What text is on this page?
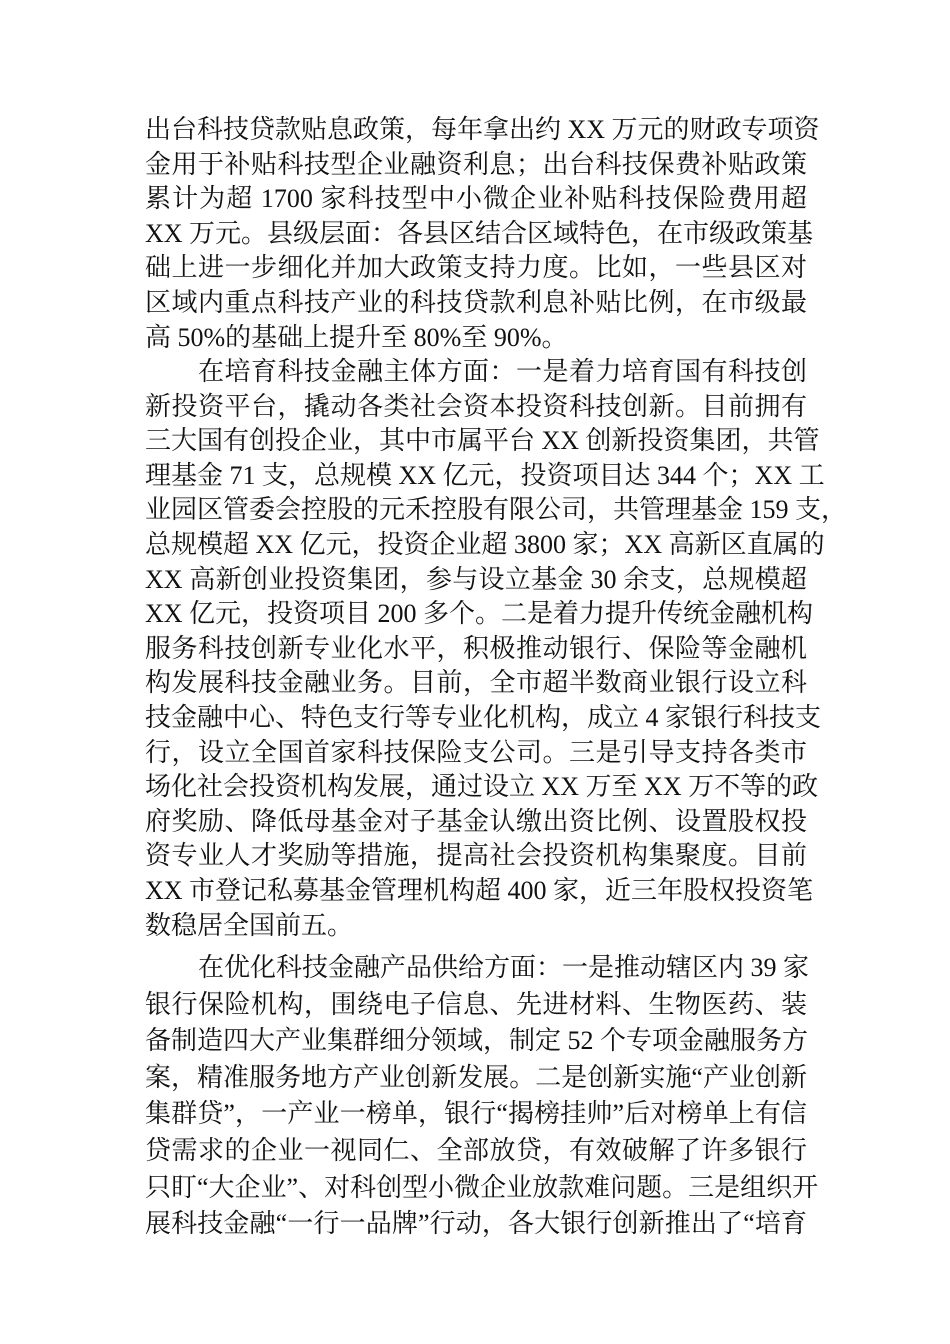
出台科技贷款贴息政策，每年拿出约 XX 万元的财政专项资
金用于补贴科技型企业融资利息；出台科技保费补贴政策
累计为超 1700 家科技型中小微企业补贴科技保险费用超
XX 万元。县级层面：各县区结合区域特色，在市级政策基
础上进一步细化并加大政策支持力度。比如，一些县区对
区域内重点科技产业的科技贷款利息补贴比例，在市级最
高 50%的基础上提升至 80%至 90%。
在培育科技金融主体方面：一是着力培育国有科技创
新投资平台，撬动各类社会资本投资科技创新。目前拥有
三大国有创投企业，其中市属平台 XX 创新投资集团，共管
理基金 71 支，总规模 XX 亿元，投资项目达 344 个；XX 工
业园区管委会控股的元禾控股有限公司，共管理基金 159 支，
总规模超 XX 亿元，投资企业超 3800 家；XX 高新区直属的
XX 高新创业投资集团，参与设立基金 30 余支，总规模超
XX 亿元，投资项目 200 多个。二是着力提升传统金融机构
服务科技创新专业化水平，积极推动银行、保险等金融机
构发展科技金融业务。目前，全市超半数商业银行设立科
技金融中心、特色支行等专业化机构，成立 4 家银行科技支
行，设立全国首家科技保险支公司。三是引导支持各类市
场化社会投资机构发展，通过设立 XX 万至 XX 万不等的政
府奖励、降低母基金对子基金认缴出资比例、设置股权投
资专业人才奖励等措施，提高社会投资机构集聚度。目前
XX 市登记私募基金管理机构超 400 家，近三年股权投资笔
数稳居全国前五。
在优化科技金融产品供给方面：一是推动辖区内 39 家
银行保险机构，围绕电子信息、先进材料、生物医药、装
备制造四大产业集群细分领域，制定 52 个专项金融服务方
案，精准服务地方产业创新发展。二是创新实施“产业创新
集群贷”，一产业一榜单，银行“揭榜挂帅”后对榜单上有信
贷需求的企业一视同仁、全部放贷，有效破解了许多银行
只盯“大企业”、对科创型小微企业放款难问题。三是组织开
展科技金融“一行一品牌”行动，各大银行创新推出了“培育
